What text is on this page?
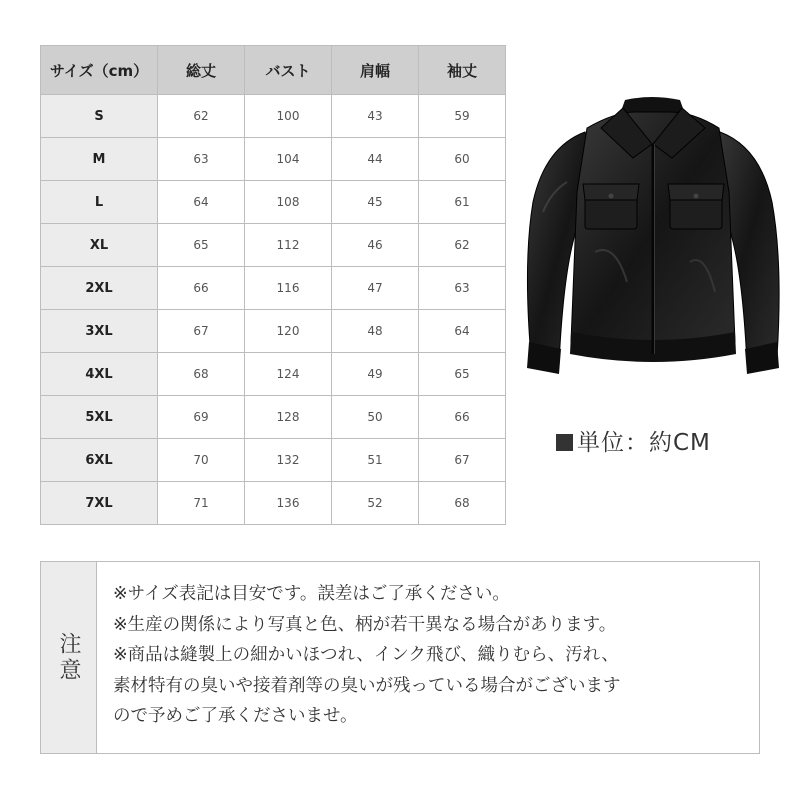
サイズ（cm）	総丈	バスト	肩幅	袖丈
S	62	100	43	59
M	63	104	44	60
L	64	108	45	61
XL	65	112	46	62
2XL	66	116	47	63
3XL	67	120	48	64
4XL	68	124	49	65
5XL	69	128	50	66
6XL	70	132	51	67
7XL	71	136	52	68
単位：約CM
注意

※サイズ表記は目安です。誤差はご了承ください。

※生産の関係により写真と色、柄が若干異なる場合があります。

※商品は縫製上の細かいほつれ、インク飛び、織りむら、汚れ、

素材特有の臭いや接着剤等の臭いが残っている場合がございます

ので予めご了承くださいませ。
